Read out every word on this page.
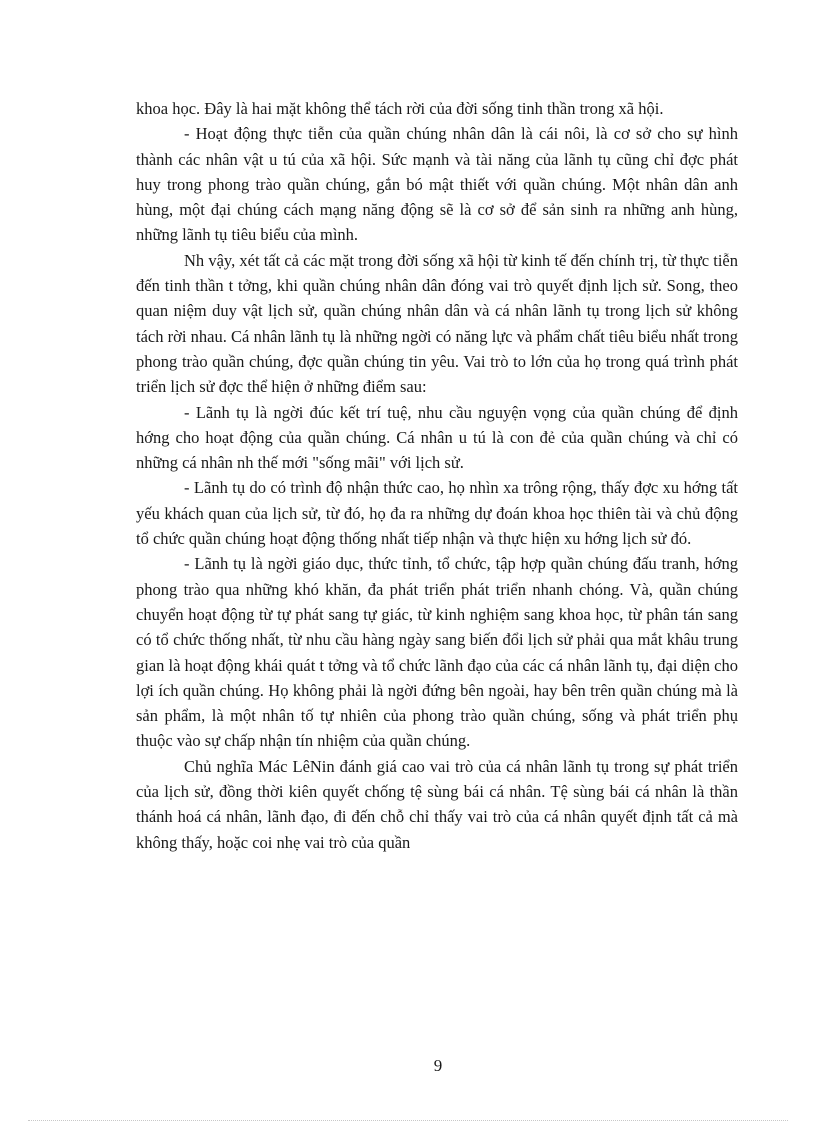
khoa học. Đây là hai mặt không thể tách rời của đời sống tinh thần trong xã hội.

- Hoạt động thực tiễn của quần chúng nhân dân là cái nôi, là cơ sở cho sự hình thành các nhân vật u tú của xã hội. Sức mạnh và tài năng của lãnh tụ cũng chỉ đợc phát huy trong phong trào quần chúng, gắn bó mật thiết với quần chúng. Một nhân dân anh hùng, một đại chúng cách mạng năng động sẽ là cơ sở để sản sinh ra những anh hùng, những lãnh tụ tiêu biểu của mình.

Nh vậy, xét tất cả các mặt trong đời sống xã hội từ kinh tế đến chính trị, từ thực tiễn đến tinh thần t tởng, khi quần chúng nhân dân đóng vai trò quyết định lịch sử. Song, theo quan niệm duy vật lịch sử, quần chúng nhân dân và cá nhân lãnh tụ trong lịch sử không tách rời nhau. Cá nhân lãnh tụ là những ngời có năng lực và phẩm chất tiêu biểu nhất trong phong trào quần chúng, đợc quần chúng tin yêu. Vai trò to lớn của họ trong quá trình phát triển lịch sử đợc thể hiện ở những điểm sau:

- Lãnh tụ là ngời đúc kết trí tuệ, nhu cầu nguyện vọng của quần chúng để định hớng cho hoạt động của quần chúng. Cá nhân u tú là con đẻ của quần chúng và chỉ có những cá nhân nh thế mới "sống mãi" với lịch sử.

- Lãnh tụ do có trình độ nhận thức cao, họ nhìn xa trông rộng, thấy đợc xu hớng tất yếu khách quan của lịch sử, từ đó, họ đa ra những dự đoán khoa học thiên tài và chủ động tổ chức quần chúng hoạt động thống nhất tiếp nhận và thực hiện xu hớng lịch sử đó.

- Lãnh tụ là ngời giáo dục, thức tỉnh, tổ chức, tập hợp quần chúng đấu tranh, hớng phong trào qua những khó khăn, đa phát triển phát triển nhanh chóng. Và, quần chúng chuyển hoạt động từ tự phát sang tự giác, từ kinh nghiệm sang khoa học, từ phân tán sang có tổ chức thống nhất, từ nhu cầu hàng ngày sang biến đổi lịch sử phải qua mắt khâu trung gian là hoạt động khái quát t tởng và tổ chức lãnh đạo của các cá nhân lãnh tụ, đại diện cho lợi ích quần chúng. Họ không phải là ngời đứng bên ngoài, hay bên trên quần chúng mà là sản phẩm, là một nhân tố tự nhiên của phong trào quần chúng, sống và phát triển phụ thuộc vào sự chấp nhận tín nhiệm của quần chúng.

Chủ nghĩa Mác LêNin đánh giá cao vai trò của cá nhân lãnh tụ trong sự phát triển của lịch sử, đồng thời kiên quyết chống tệ sùng bái cá nhân. Tệ sùng bái cá nhân là thần thánh hoá cá nhân, lãnh đạo, đi đến chỗ chỉ thấy vai trò của cá nhân quyết định tất cả mà không thấy, hoặc coi nhẹ vai trò của quần

9
